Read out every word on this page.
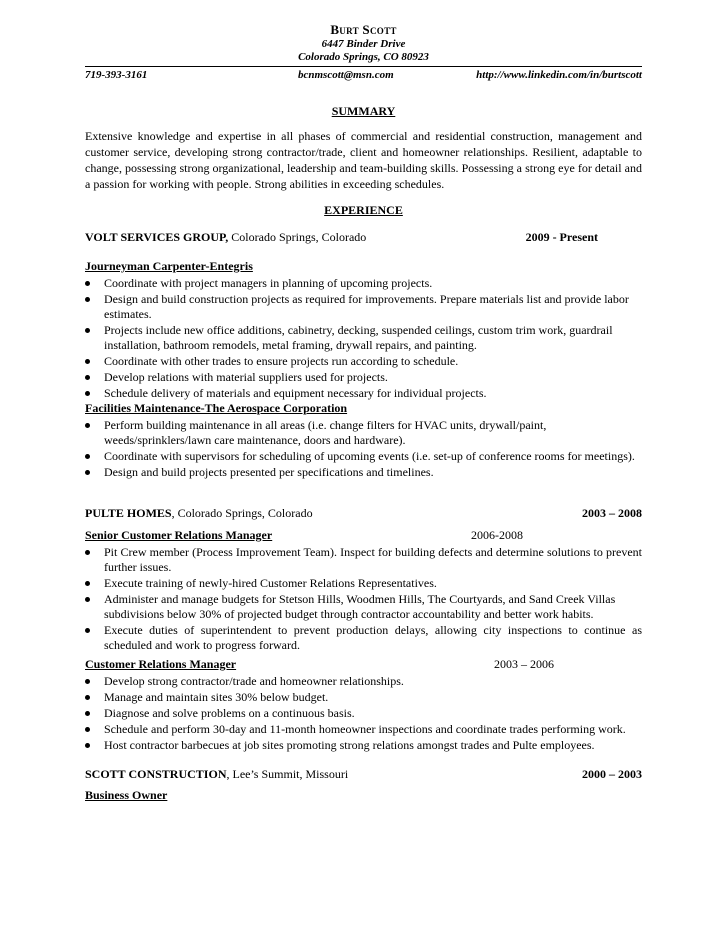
Burt Scott
6447 Binder Drive
Colorado Springs, CO 80923
719-393-3161	bcnmscott@msn.com	http://www.linkedin.com/in/burtscott
SUMMARY

Extensive knowledge and expertise in all phases of commercial and residential construction, management and customer service, developing strong contractor/trade, client and homeowner relationships. Resilient, adaptable to change, possessing strong organizational, leadership and team-building skills. Possessing a strong eye for detail and a passion for working with people. Strong abilities in exceeding schedules.

EXPERIENCE
VOLT SERVICES GROUP, Colorado Springs, Colorado	2009 - Present
Journeyman Carpenter-Entegris
Coordinate with project managers in planning of upcoming projects.
Design and build construction projects as required for improvements. Prepare materials list and provide labor estimates.
Projects include new office additions, cabinetry, decking, suspended ceilings, custom trim work, guardrail installation, bathroom remodels, metal framing, drywall repairs, and painting.
Coordinate with other trades to ensure projects run according to schedule.
Develop relations with material suppliers used for projects.
Schedule delivery of materials and equipment necessary for individual projects.
Facilities Maintenance-The Aerospace Corporation
Perform building maintenance in all areas (i.e. change filters for HVAC units, drywall/paint, weeds/sprinklers/lawn care maintenance, doors and hardware).
Coordinate with supervisors for scheduling of upcoming events (i.e. set-up of conference rooms for meetings).
Design and build projects presented per specifications and timelines.
PULTE HOMES, Colorado Springs, Colorado	2003 – 2008
Senior Customer Relations Manager	2006-2008
Pit Crew member (Process Improvement Team). Inspect for building defects and determine solutions to prevent further issues.
Execute training of newly-hired Customer Relations Representatives.
Administer and manage budgets for Stetson Hills, Woodmen Hills, The Courtyards, and Sand Creek Villas subdivisions below 30% of projected budget through contractor accountability and better work habits.
Execute duties of superintendent to prevent production delays, allowing city inspections to continue as scheduled and work to progress forward.
Customer Relations Manager	2003 – 2006
Develop strong contractor/trade and homeowner relationships.
Manage and maintain sites 30% below budget.
Diagnose and solve problems on a continuous basis.
Schedule and perform 30-day and 11-month homeowner inspections and coordinate trades performing work.
Host contractor barbecues at job sites promoting strong relations amongst trades and Pulte employees.
SCOTT CONSTRUCTION, Lee’s Summit, Missouri	2000 – 2003
Business Owner
